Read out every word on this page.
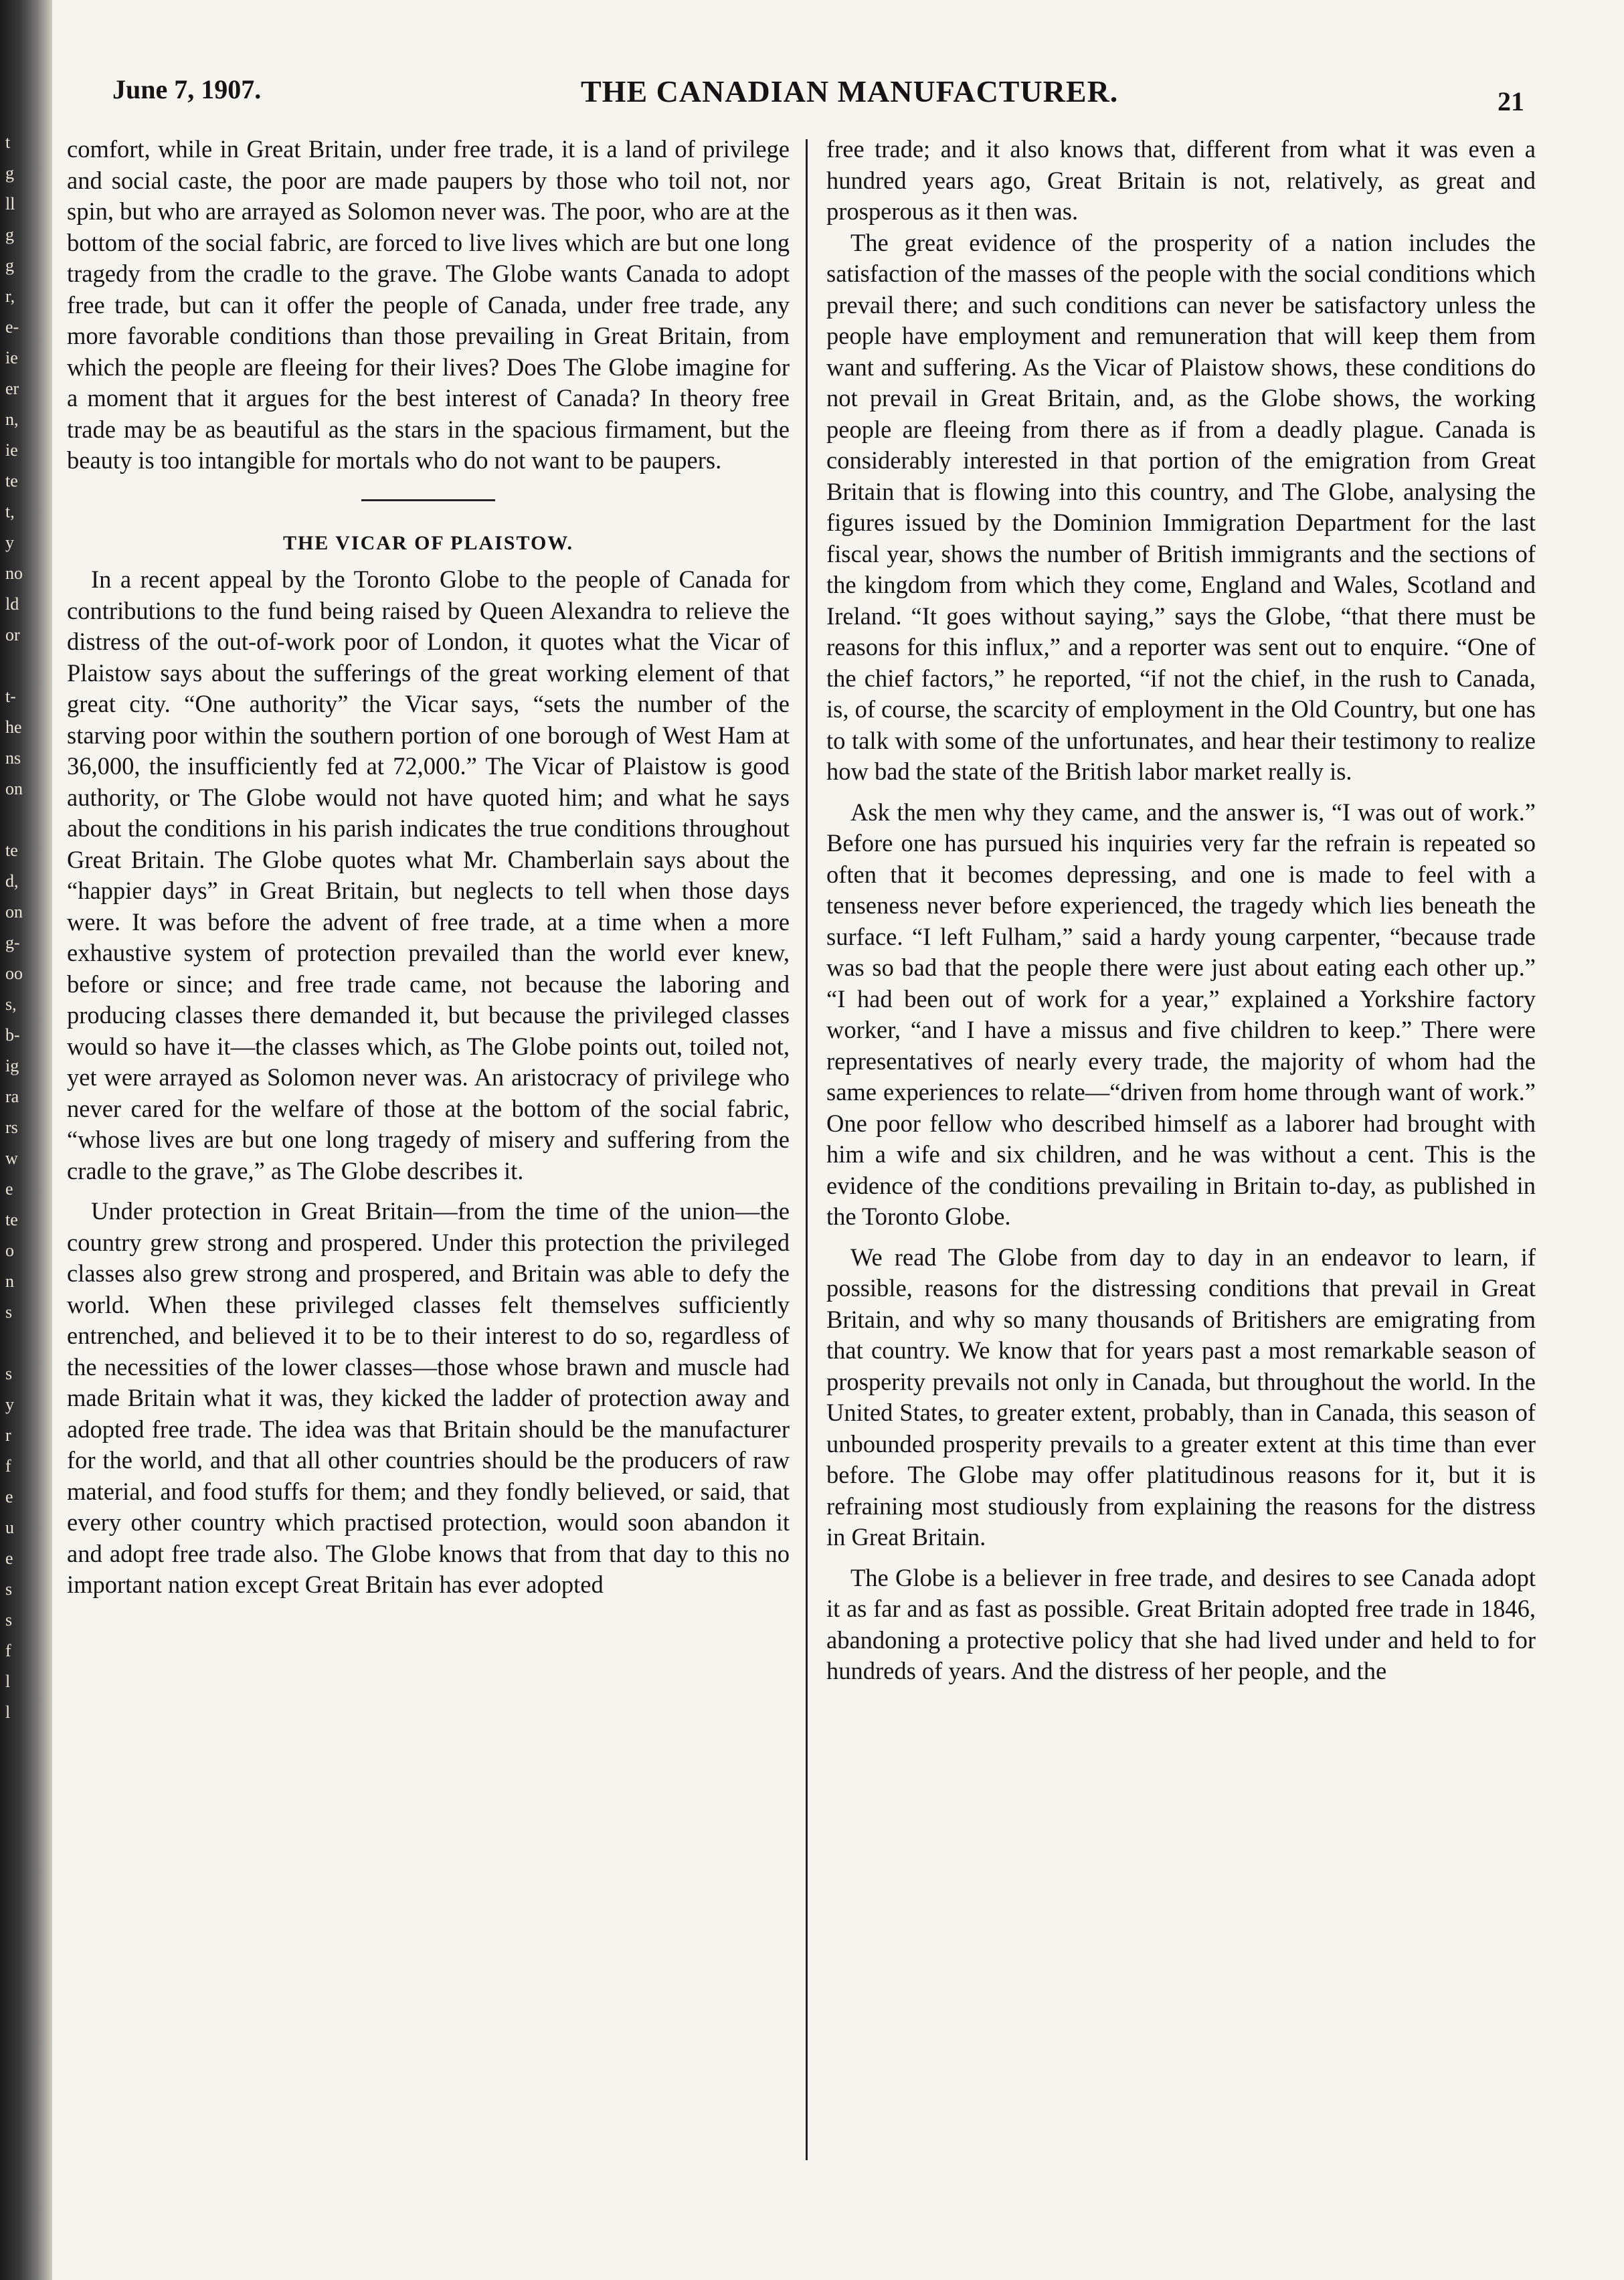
t
g
ll
g
g
r,
e-
ie
er
n,
ie
te
t,
y
no
ld
or
t-
he
ns
on
te
d,
on
g-
oo
s,
b-
ig
ra
rs
w
e
te
o
n
s
s
y
r
f
e
u
e
s
s
f
l
l
June 7, 1907.	THE CANADIAN MANUFACTURER.	21

comfort, while in Great Britain, under free trade, it is a land of privilege and social caste, the poor are made paupers by those who toil not, nor spin, but who are arrayed as Solomon never was. The poor, who are at the bottom of the social fabric, are forced to live lives which are but one long tragedy from the cradle to the grave. The Globe wants Canada to adopt free trade, but can it offer the people of Canada, under free trade, any more favorable conditions than those prevailing in Great Britain, from which the people are fleeing for their lives? Does The Globe imagine for a moment that it argues for the best interest of Canada? In theory free trade may be as beautiful as the stars in the spacious firmament, but the beauty is too intangible for mortals who do not want to be paupers.

THE VICAR OF PLAISTOW.

In a recent appeal by the Toronto Globe to the people of Canada for contributions to the fund being raised by Queen Alexandra to relieve the distress of the out-of-work poor of London, it quotes what the Vicar of Plaistow says about the sufferings of the great working element of that great city. “One authority” the Vicar says, “sets the number of the starving poor within the southern portion of one borough of West Ham at 36,000, the insufficiently fed at 72,000.” The Vicar of Plaistow is good authority, or The Globe would not have quoted him; and what he says about the conditions in his parish indicates the true conditions throughout Great Britain. The Globe quotes what Mr. Chamberlain says about the “happier days” in Great Britain, but neglects to tell when those days were. It was before the advent of free trade, at a time when a more exhaustive system of protection prevailed than the world ever knew, before or since; and free trade came, not because the laboring and producing classes there demanded it, but because the privileged classes would so have it—the classes which, as The Globe points out, toiled not, yet were arrayed as Solomon never was. An aristocracy of privilege who never cared for the welfare of those at the bottom of the social fabric, “whose lives are but one long tragedy of misery and suffering from the cradle to the grave,” as The Globe describes it.

Under protection in Great Britain—from the time of the union—the country grew strong and prospered. Under this protection the privileged classes also grew strong and prospered, and Britain was able to defy the world. When these privileged classes felt themselves sufficiently entrenched, and believed it to be to their interest to do so, regardless of the necessities of the lower classes—those whose brawn and muscle had made Britain what it was, they kicked the ladder of protection away and adopted free trade. The idea was that Britain should be the manufacturer for the world, and that all other countries should be the producers of raw material, and food stuffs for them; and they fondly believed, or said, that every other country which practised protection, would soon abandon it and adopt free trade also. The Globe knows that from that day to this no important nation except Great Britain has ever adopted

free trade; and it also knows that, different from what it was even a hundred years ago, Great Britain is not, relatively, as great and prosperous as it then was.

The great evidence of the prosperity of a nation includes the satisfaction of the masses of the people with the social conditions which prevail there; and such conditions can never be satisfactory unless the people have employment and remuneration that will keep them from want and suffering. As the Vicar of Plaistow shows, these conditions do not prevail in Great Britain, and, as the Globe shows, the working people are fleeing from there as if from a deadly plague. Canada is considerably interested in that portion of the emigration from Great Britain that is flowing into this country, and The Globe, analysing the figures issued by the Dominion Immigration Department for the last fiscal year, shows the number of British immigrants and the sections of the kingdom from which they come, England and Wales, Scotland and Ireland. “It goes without saying,” says the Globe, “that there must be reasons for this influx,” and a reporter was sent out to enquire. “One of the chief factors,” he reported, “if not the chief, in the rush to Canada, is, of course, the scarcity of employment in the Old Country, but one has to talk with some of the unfortunates, and hear their testimony to realize how bad the state of the British labor market really is.

Ask the men why they came, and the answer is, “I was out of work.” Before one has pursued his inquiries very far the refrain is repeated so often that it becomes depressing, and one is made to feel with a tenseness never before experienced, the tragedy which lies beneath the surface. “I left Fulham,” said a hardy young carpenter, “because trade was so bad that the people there were just about eating each other up.” “I had been out of work for a year,” explained a Yorkshire factory worker, “and I have a missus and five children to keep.” There were representatives of nearly every trade, the majority of whom had the same experiences to relate—“driven from home through want of work.” One poor fellow who described himself as a laborer had brought with him a wife and six children, and he was without a cent. This is the evidence of the conditions prevailing in Britain to-day, as published in the Toronto Globe.

We read The Globe from day to day in an endeavor to learn, if possible, reasons for the distressing conditions that prevail in Great Britain, and why so many thousands of Britishers are emigrating from that country. We know that for years past a most remarkable season of prosperity prevails not only in Canada, but throughout the world. In the United States, to greater extent, probably, than in Canada, this season of unbounded prosperity prevails to a greater extent at this time than ever before. The Globe may offer platitudinous reasons for it, but it is refraining most studiously from explaining the reasons for the distress in Great Britain.

The Globe is a believer in free trade, and desires to see Canada adopt it as far and as fast as possible. Great Britain adopted free trade in 1846, abandoning a protective policy that she had lived under and held to for hundreds of years. And the distress of her people, and the
